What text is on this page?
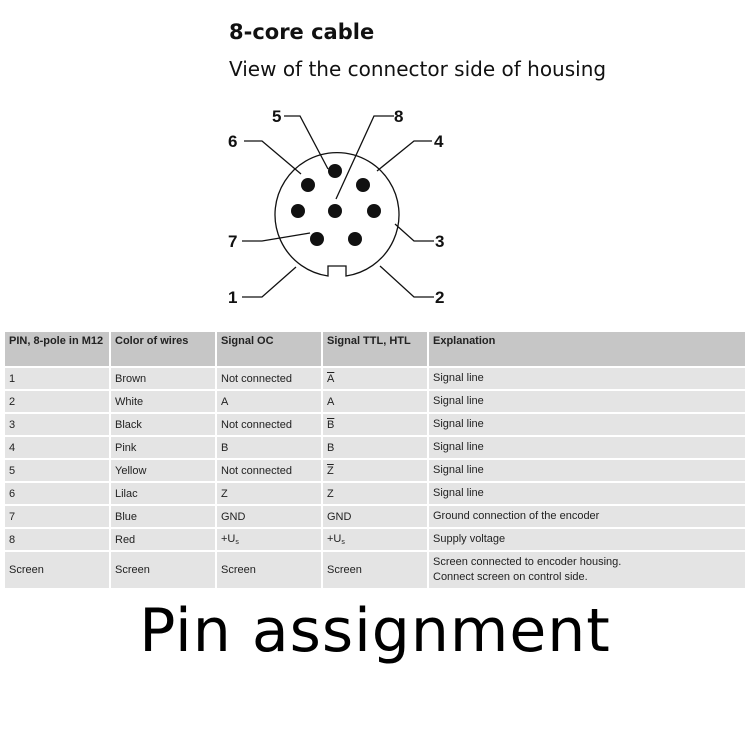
8-core cable
View of the connector side of housing
5	8
6	4
7	3
1	2
PIN, 8-pole in M12	Color of wires	Signal OC	Signal TTL, HTL	Explanation
1	Brown	Not connected	$\overline{A}$	Signal line

2	White	A	A	Signal line

3	Black	Not connected	$\overline{B}$	Signal line

4	Pink	B	B	Signal line

5	Yellow	Not connected	$\overline{Z}$	Signal line

6	Lilac	Z	Z	Signal line

7	Blue	GND	GND	Ground connection of the encoder

8	Red	$+U_s$	$+U_s$	Supply voltage

Screen	Screen	Screen	Screen	Screen connected to encoder housing.
Connect screen on control side.
Pin assignment
